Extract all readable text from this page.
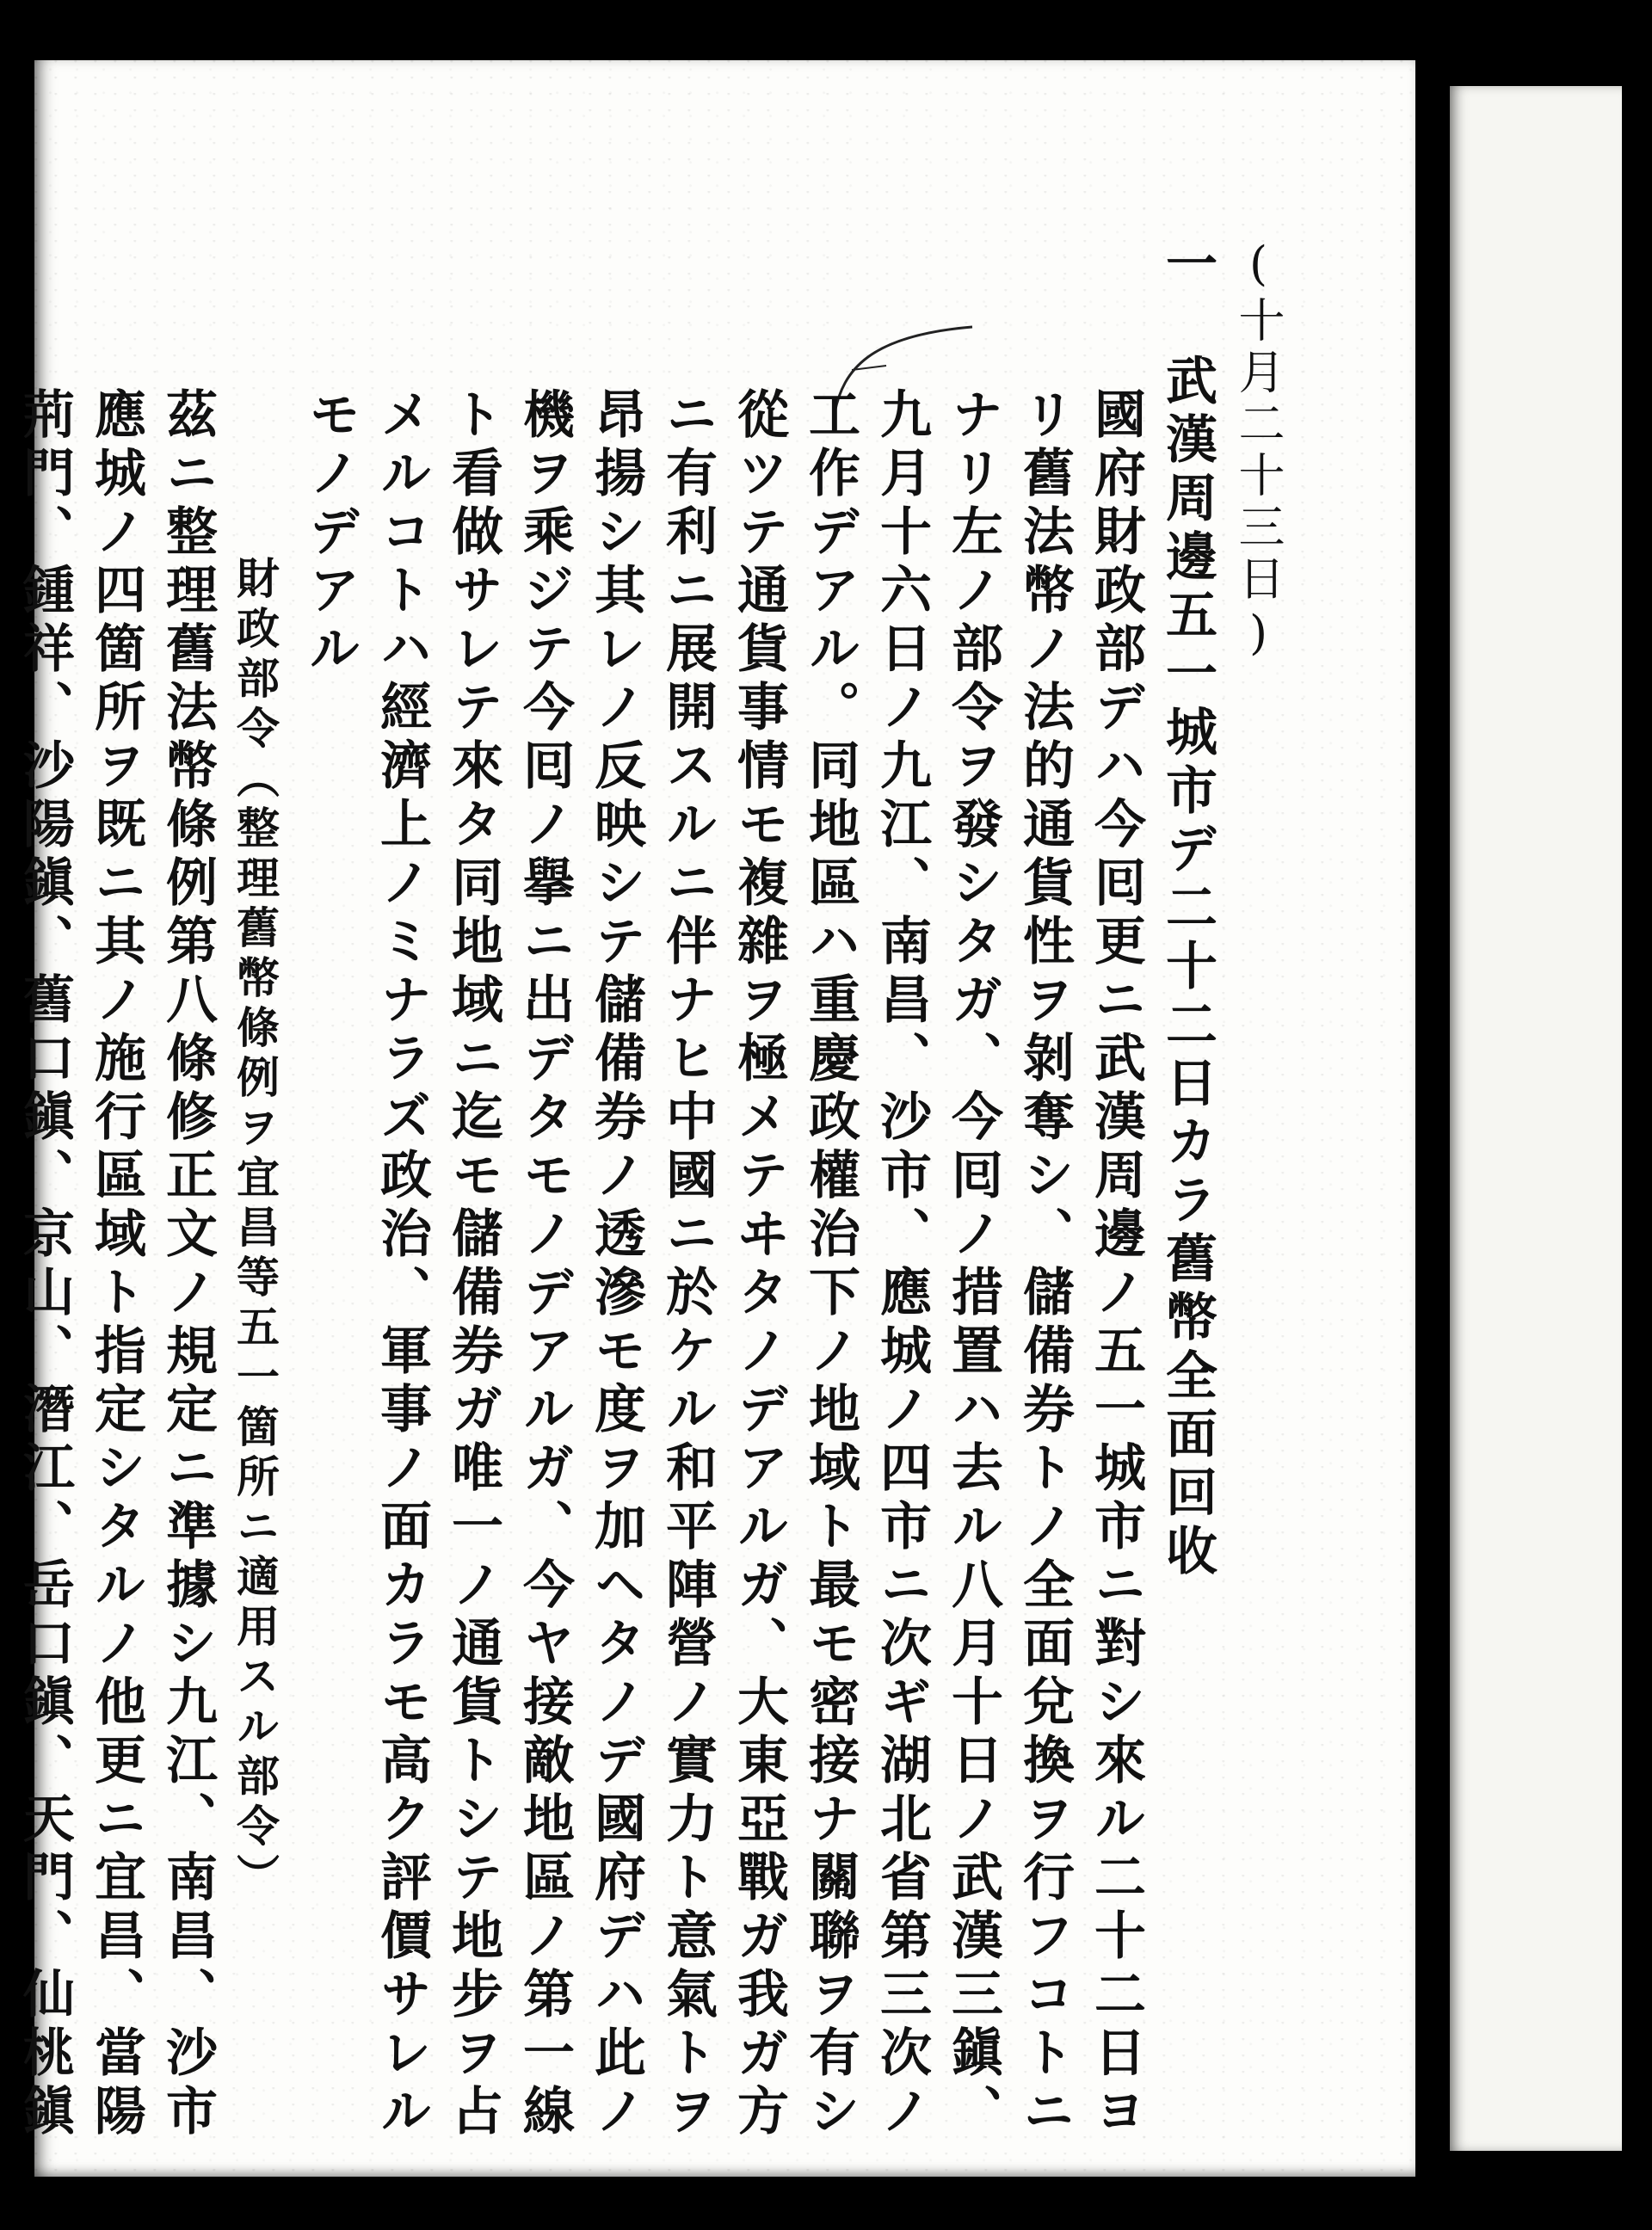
(十月二十三日)
一　武漢周邊五一城市デ二十二日カラ舊幣全面回收
國府財政部デハ今囘更ニ武漢周邊ノ五一城市ニ對シ來ル二十二日ヨ
リ舊法幣ノ法的通貨性ヲ剝奪シ、儲備券トノ全面兌換ヲ行フコトニ
ナリ左ノ部令ヲ發シタガ、今囘ノ措置ハ去ル八月十日ノ武漢三鎭、
九月十六日ノ九江、南昌、沙市、應城ノ四市ニ次ギ湖北省第三次ノ
工作デアル。同地區ハ重慶政權治下ノ地域ト最モ密接ナ關聯ヲ有シ
從ツテ通貨事情モ複雜ヲ極メテヰタノデアルガ、大東亞戰ガ我ガ方
ニ有利ニ展開スルニ伴ナヒ中國ニ於ケル和平陣營ノ實力ト意氣トヲ
昂揚シ其レノ反映シテ儲備券ノ透滲モ度ヲ加ヘタノデ國府デハ此ノ
機ヲ乘ジテ今囘ノ擧ニ出デタモノデアルガ、今ヤ接敵地區ノ第一線
ト看做サレテ來タ同地域ニ迄モ儲備券ガ唯一ノ通貨トシテ地步ヲ占
メルコトハ經濟上ノミナラズ政治、軍事ノ面カラモ高ク評價サレル
モノデアル
　　財政部令（整理舊幣條例ヲ宜昌等五一箇所ニ適用スル部令）
茲ニ整理舊法幣條例第八條修正文ノ規定ニ準據シ九江、南昌、沙市
應城ノ四箇所ヲ既ニ其ノ施行區域ト指定シタルノ他更ニ宜昌、當陽
荊門、鍾祥、沙陽鎭、舊口鎭、京山、潛江、岳口鎭、天門、仙桃鎭
